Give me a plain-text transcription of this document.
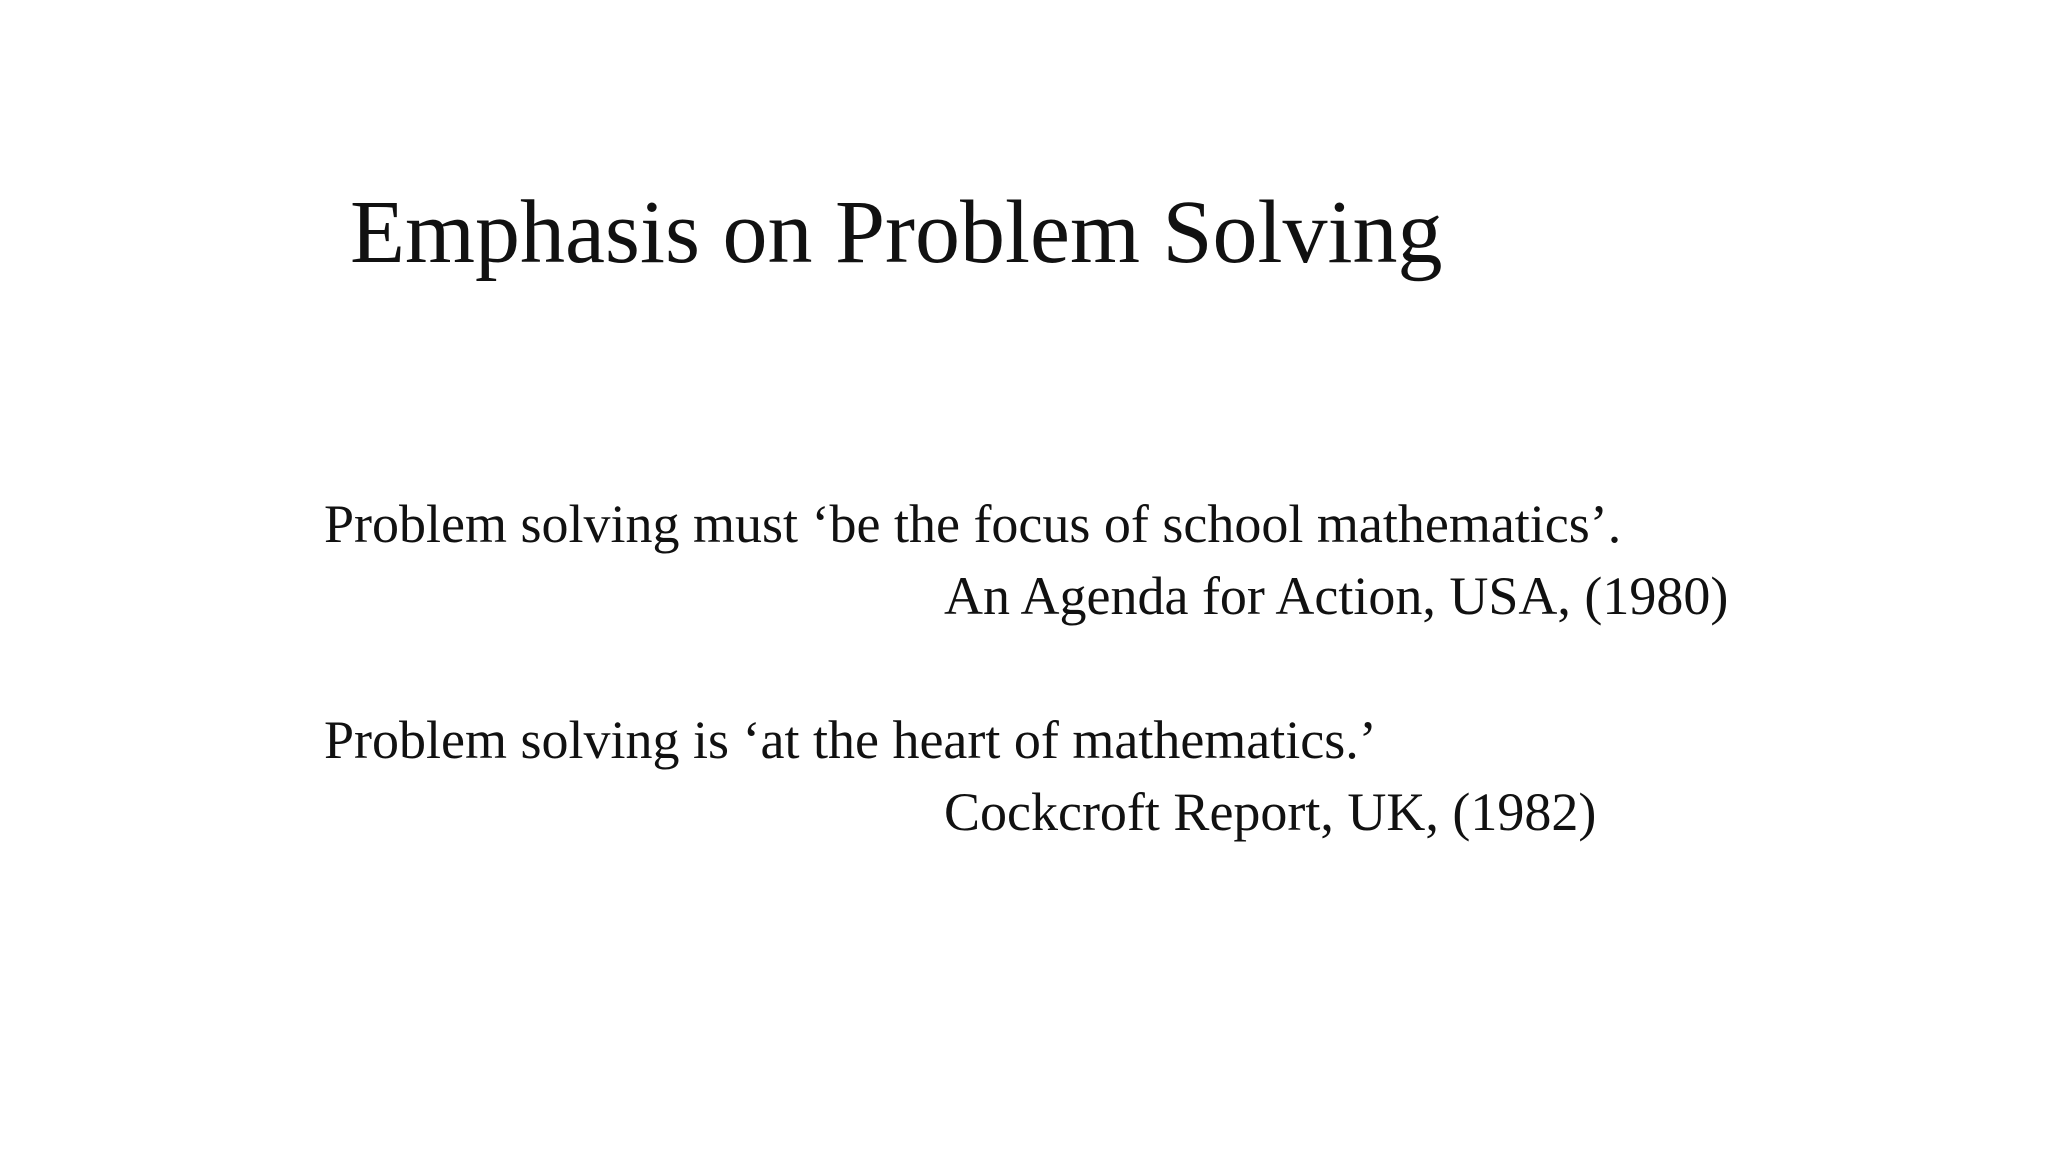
Emphasis on Problem Solving

Problem solving must ‘be the focus of school mathematics’.

An Agenda for Action, USA, (1980)

Problem solving is ‘at the heart of mathematics.’

Cockcroft Report, UK, (1982)
